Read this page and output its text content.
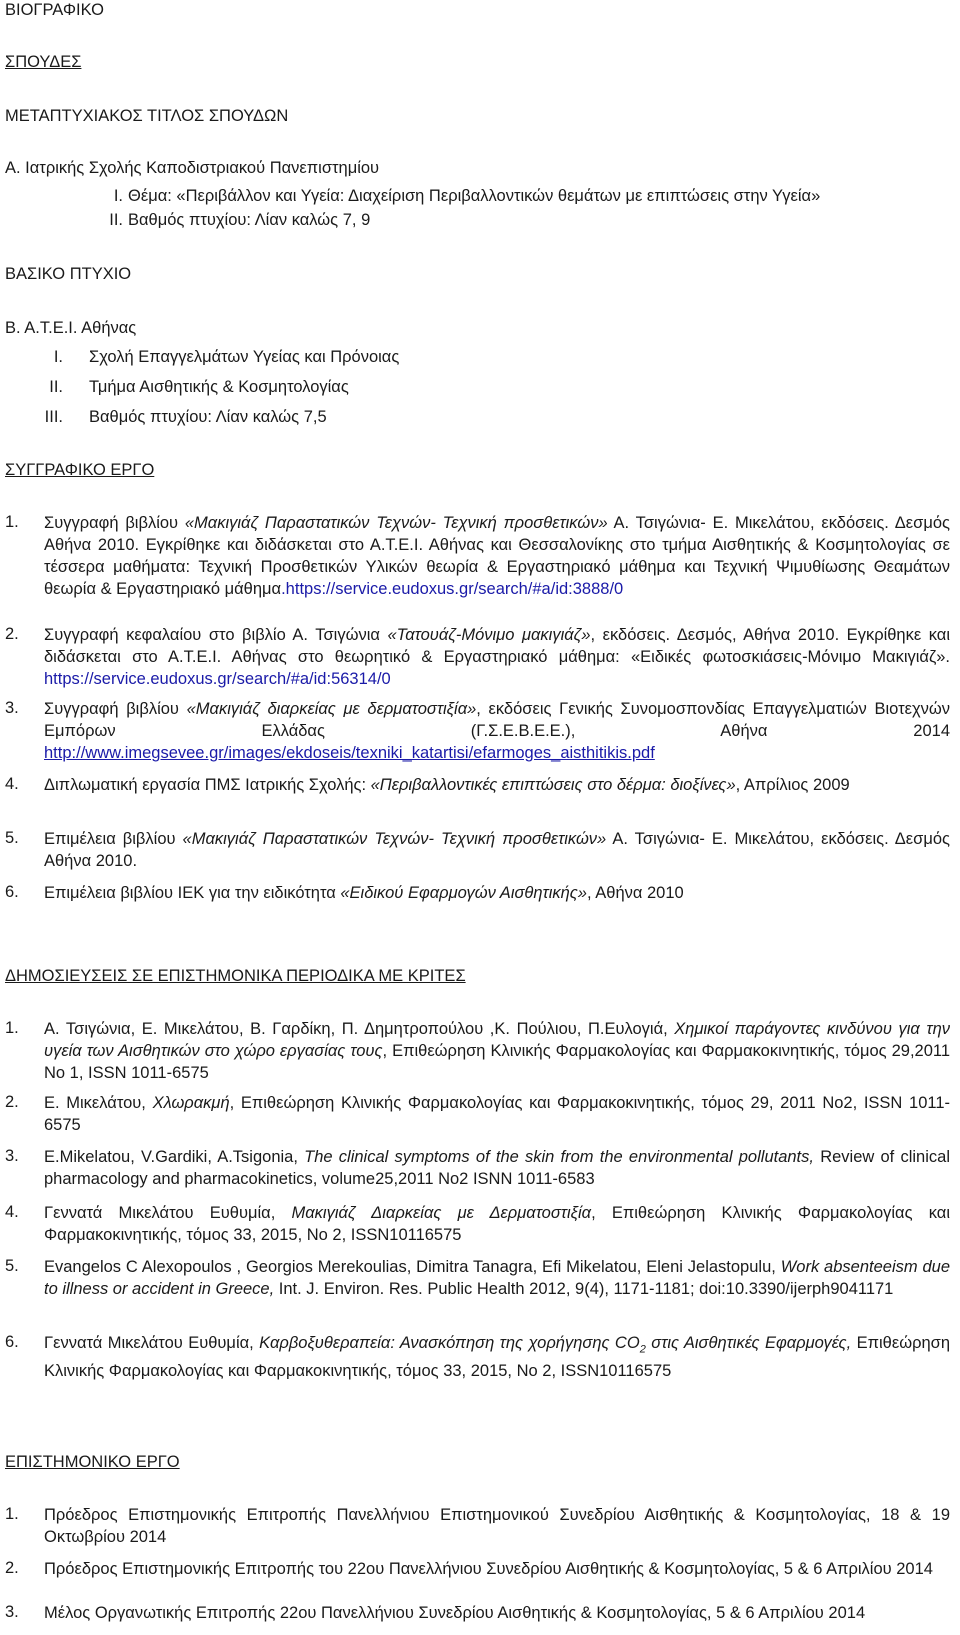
ΒΙΟΓΡΑΦΙΚΟ
ΣΠΟΥΔΕΣ
ΜΕΤΑΠΤΥΧΙΑΚΟΣ ΤΙΤΛΟΣ ΣΠΟΥΔΩΝ
Α. Ιατρικής Σχολής Καποδιστριακού Πανεπιστημίου
I. Θέμα: «Περιβάλλον και Υγεία: Διαχείριση Περιβαλλοντικών θεμάτων με επιπτώσεις στην Υγεία»
II. Βαθμός πτυχίου: Λίαν καλώς 7, 9
ΒΑΣΙΚΟ ΠΤΥΧΙΟ
Β. Α.Τ.Ε.Ι. Αθήνας
I. Σχολή Επαγγελμάτων Υγείας και Πρόνοιας
II. Τμήμα Αισθητικής & Κοσμητολογίας
III. Βαθμός πτυχίου: Λίαν καλώς 7,5
ΣΥΓΓΡΑΦΙΚΟ ΕΡΓΟ
1. Συγγραφή βιβλίου «Μακιγιάζ Παραστατικών Τεχνών- Τεχνική προσθετικών» Α. Τσιγώνια- Ε. Μικελάτου, εκδόσεις. Δεσμός Αθήνα 2010. Εγκρίθηκε και διδάσκεται στο Α.Τ.Ε.Ι. Αθήνας και Θεσσαλονίκης στο τμήμα Αισθητικής & Κοσμητολογίας σε τέσσερα μαθήματα: Τεχνική Προσθετικών Υλικών θεωρία & Εργαστηριακό μάθημα και Τεχνική Ψιμυθίωσης Θεαμάτων θεωρία & Εργαστηριακό μάθημα.https://service.eudoxus.gr/search/#a/id:3888/0
2. Συγγραφή κεφαλαίου στο βιβλίο Α. Τσιγώνια «Τατουάζ-Μόνιμο μακιγιάζ», εκδόσεις. Δεσμός, Αθήνα 2010. Εγκρίθηκε και διδάσκεται στο Α.Τ.Ε.Ι. Αθήνας στο θεωρητικό & Εργαστηριακό μάθημα: «Ειδικές φωτοσκιάσεις-Μόνιμο Μακιγιάζ». https://service.eudoxus.gr/search/#a/id:56314/0
3. Συγγραφή βιβλίου «Μακιγιάζ διαρκείας με δερματοστιξία», εκδόσεις Γενικής Συνομοσπονδίας Επαγγελματιών Βιοτεχνών Εμπόρων Ελλάδας (Γ.Σ.Ε.Β.Ε.Ε.), Αθήνα 2014 http://www.imegsevee.gr/images/ekdoseis/texniki_katartisi/efarmoges_aisthitikis.pdf
4. Διπλωματική εργασία ΠΜΣ Ιατρικής Σχολής: «Περιβαλλοντικές επιπτώσεις στο δέρμα: διοξίνες», Απρίλιος 2009
5. Επιμέλεια βιβλίου «Μακιγιάζ Παραστατικών Τεχνών- Τεχνική προσθετικών» Α. Τσιγώνια- Ε. Μικελάτου, εκδόσεις. Δεσμός Αθήνα 2010.
6. Επιμέλεια βιβλίου ΙΕΚ για την ειδικότητα «Ειδικού Εφαρμογών Αισθητικής», Αθήνα 2010
ΔΗΜΟΣΙΕΥΣΕΙΣ ΣΕ ΕΠΙΣΤΗΜΟΝΙΚΑ ΠΕΡΙΟΔΙΚΑ ΜΕ ΚΡΙΤΕΣ
1. Α. Τσιγώνια, Ε. Μικελάτου, Β. Γαρδίκη, Π. Δημητροπούλου ,Κ. Πούλιου, Π.Ευλογιά, Χημικοί παράγοντες κινδύνου για την υγεία των Αισθητικών στο χώρο εργασίας τους, Επιθεώρηση Κλινικής Φαρμακολογίας και Φαρμακοκινητικής, τόμος 29,2011 Νο 1, ISSN 1011-6575
2. Ε. Μικελάτου, Χλωρακμή, Επιθεώρηση Κλινικής Φαρμακολογίας και Φαρμακοκινητικής, τόμος 29, 2011 Νο2, ISSN 1011-6575
3. E.Mikelatou, V.Gardiki, A.Tsigonia, The clinical symptoms of the skin from the environmental pollutants, Review of clinical pharmacology and pharmacokinetics, volume25,2011 No2 ISNN 1011-6583
4. Γεννατά Μικελάτου Ευθυμία, Μακιγιάζ Διαρκείας με Δερματοστιξία, Επιθεώρηση Κλινικής Φαρμακολογίας και Φαρμακοκινητικής, τόμος 33, 2015, Νο 2, ISSN10116575
5. Evangelos C Alexopoulos , Georgios Merekoulias, Dimitra Tanagra, Efi Mikelatou, Eleni Jelastopulu, Work absenteeism due to illness or accident in Greece, Int. J. Environ. Res. Public Health 2012, 9(4), 1171-1181; doi:10.3390/ijerph9041171
6. Γεννατά Μικελάτου Ευθυμία, Καρβοξυθεραπεία: Ανασκόπηση της χορήγησης $CO_2$ στις Αισθητικές Εφαρμογές, Επιθεώρηση Κλινικής Φαρμακολογίας και Φαρμακοκινητικής, τόμος 33, 2015, Νο 2, ISSN10116575
ΕΠΙΣΤΗΜΟΝΙΚΟ ΕΡΓΟ
1. Πρόεδρος Επιστημονικής Επιτροπής Πανελλήνιου Επιστημονικού Συνεδρίου Αισθητικής & Κοσμητολογίας, 18 & 19 Οκτωβρίου 2014
2. Πρόεδρος Επιστημονικής Επιτροπής του 22ου Πανελλήνιου Συνεδρίου Αισθητικής & Κοσμητολογίας, 5 & 6 Απριλίου 2014
3. Μέλος Οργανωτικής Επιτροπής 22ου Πανελλήνιου Συνεδρίου Αισθητικής & Κοσμητολογίας, 5 & 6 Απριλίου 2014
